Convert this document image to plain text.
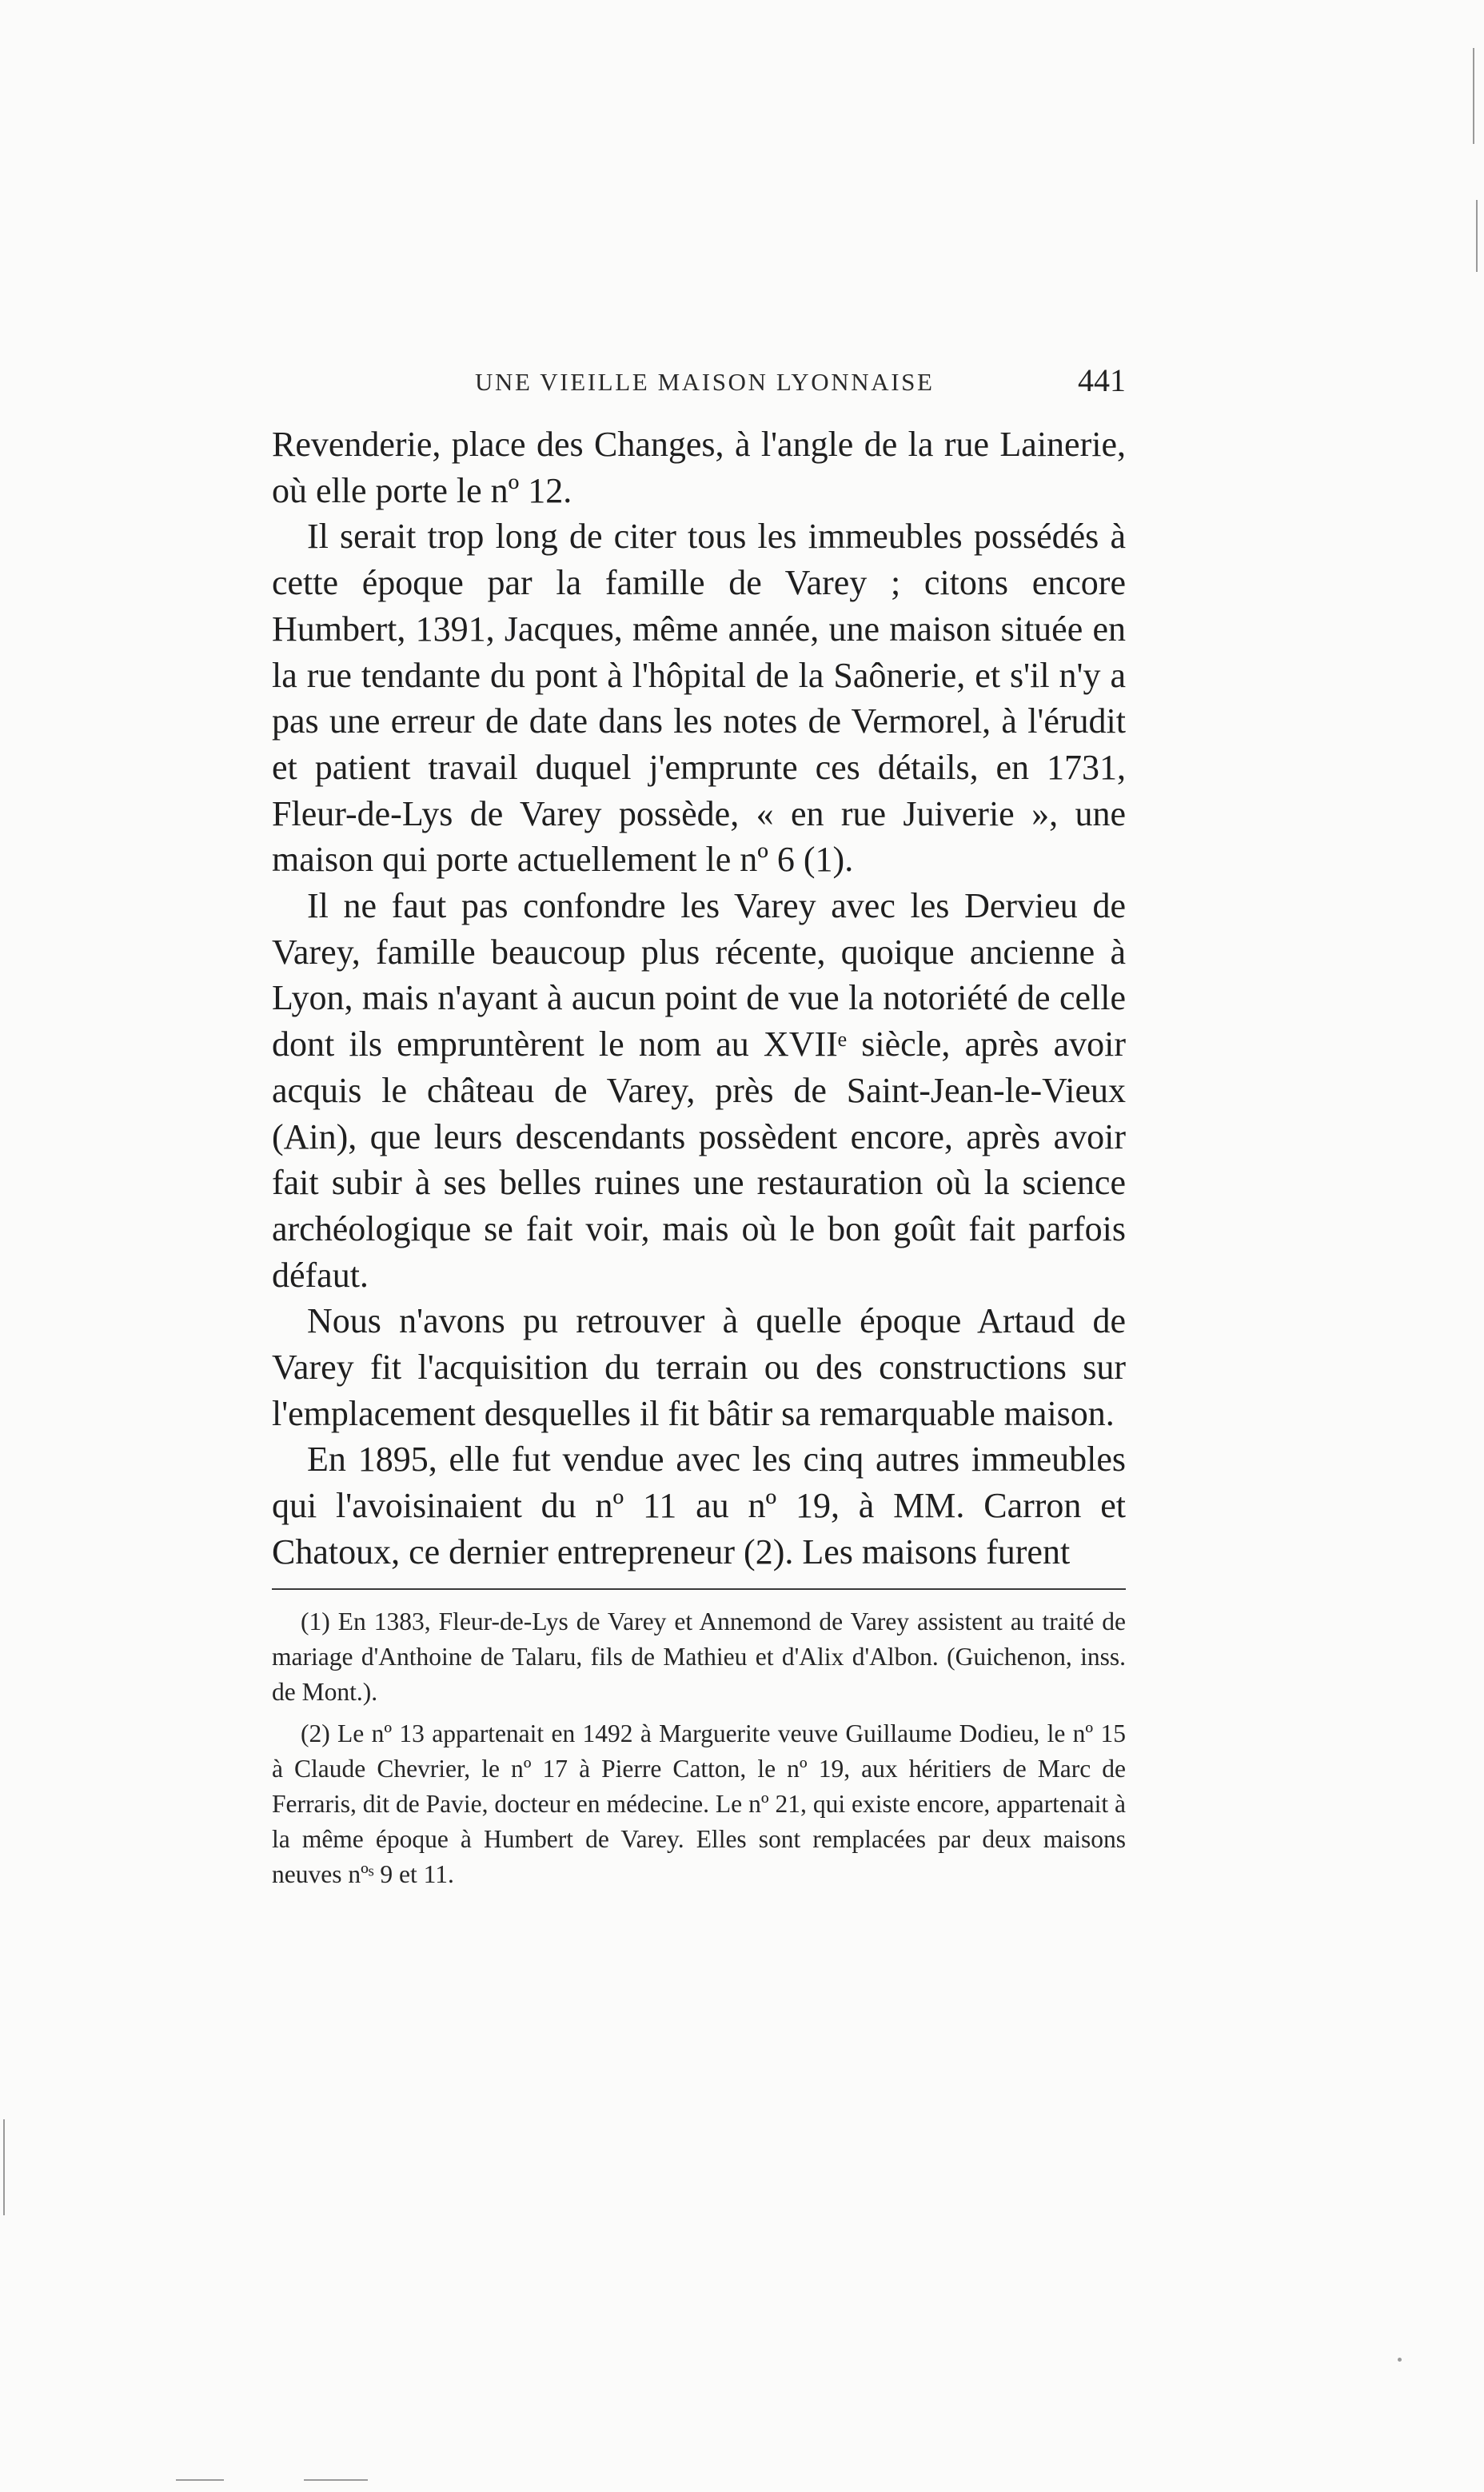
UNE VIEILLE MAISON LYONNAISE	441

Revenderie, place des Changes, à l'angle de la rue Lainerie, où elle porte le nº 12.

Il serait trop long de citer tous les immeubles possédés à cette époque par la famille de Varey ; citons encore Humbert, 1391, Jacques, même année, une maison située en la rue tendante du pont à l'hôpital de la Saônerie, et s'il n'y a pas une erreur de date dans les notes de Vermorel, à l'érudit et patient travail duquel j'emprunte ces détails, en 1731, Fleur-de-Lys de Varey possède, « en rue Juiverie », une maison qui porte actuellement le nº 6 (1).

Il ne faut pas confondre les Varey avec les Dervieu de Varey, famille beaucoup plus récente, quoique ancienne à Lyon, mais n'ayant à aucun point de vue la notoriété de celle dont ils empruntèrent le nom au XVIIᵉ siècle, après avoir acquis le château de Varey, près de Saint-Jean-le-Vieux (Ain), que leurs descendants possèdent encore, après avoir fait subir à ses belles ruines une restauration où la science archéologique se fait voir, mais où le bon goût fait parfois défaut.

Nous n'avons pu retrouver à quelle époque Artaud de Varey fit l'acquisition du terrain ou des constructions sur l'emplacement desquelles il fit bâtir sa remarquable maison.

En 1895, elle fut vendue avec les cinq autres immeubles qui l'avoisinaient du nº 11 au nº 19, à MM. Carron et Chatoux, ce dernier entrepreneur (2). Les maisons furent

(1) En 1383, Fleur-de-Lys de Varey et Annemond de Varey assistent au traité de mariage d'Anthoine de Talaru, fils de Mathieu et d'Alix d'Albon. (Guichenon, inss. de Mont.).

(2) Le nº 13 appartenait en 1492 à Marguerite veuve Guillaume Dodieu, le nº 15 à Claude Chevrier, le nº 17 à Pierre Catton, le nº 19, aux héritiers de Marc de Ferraris, dit de Pavie, docteur en médecine. Le nº 21, qui existe encore, appartenait à la même époque à Humbert de Varey. Elles sont remplacées par deux maisons neuves nºˢ 9 et 11.
